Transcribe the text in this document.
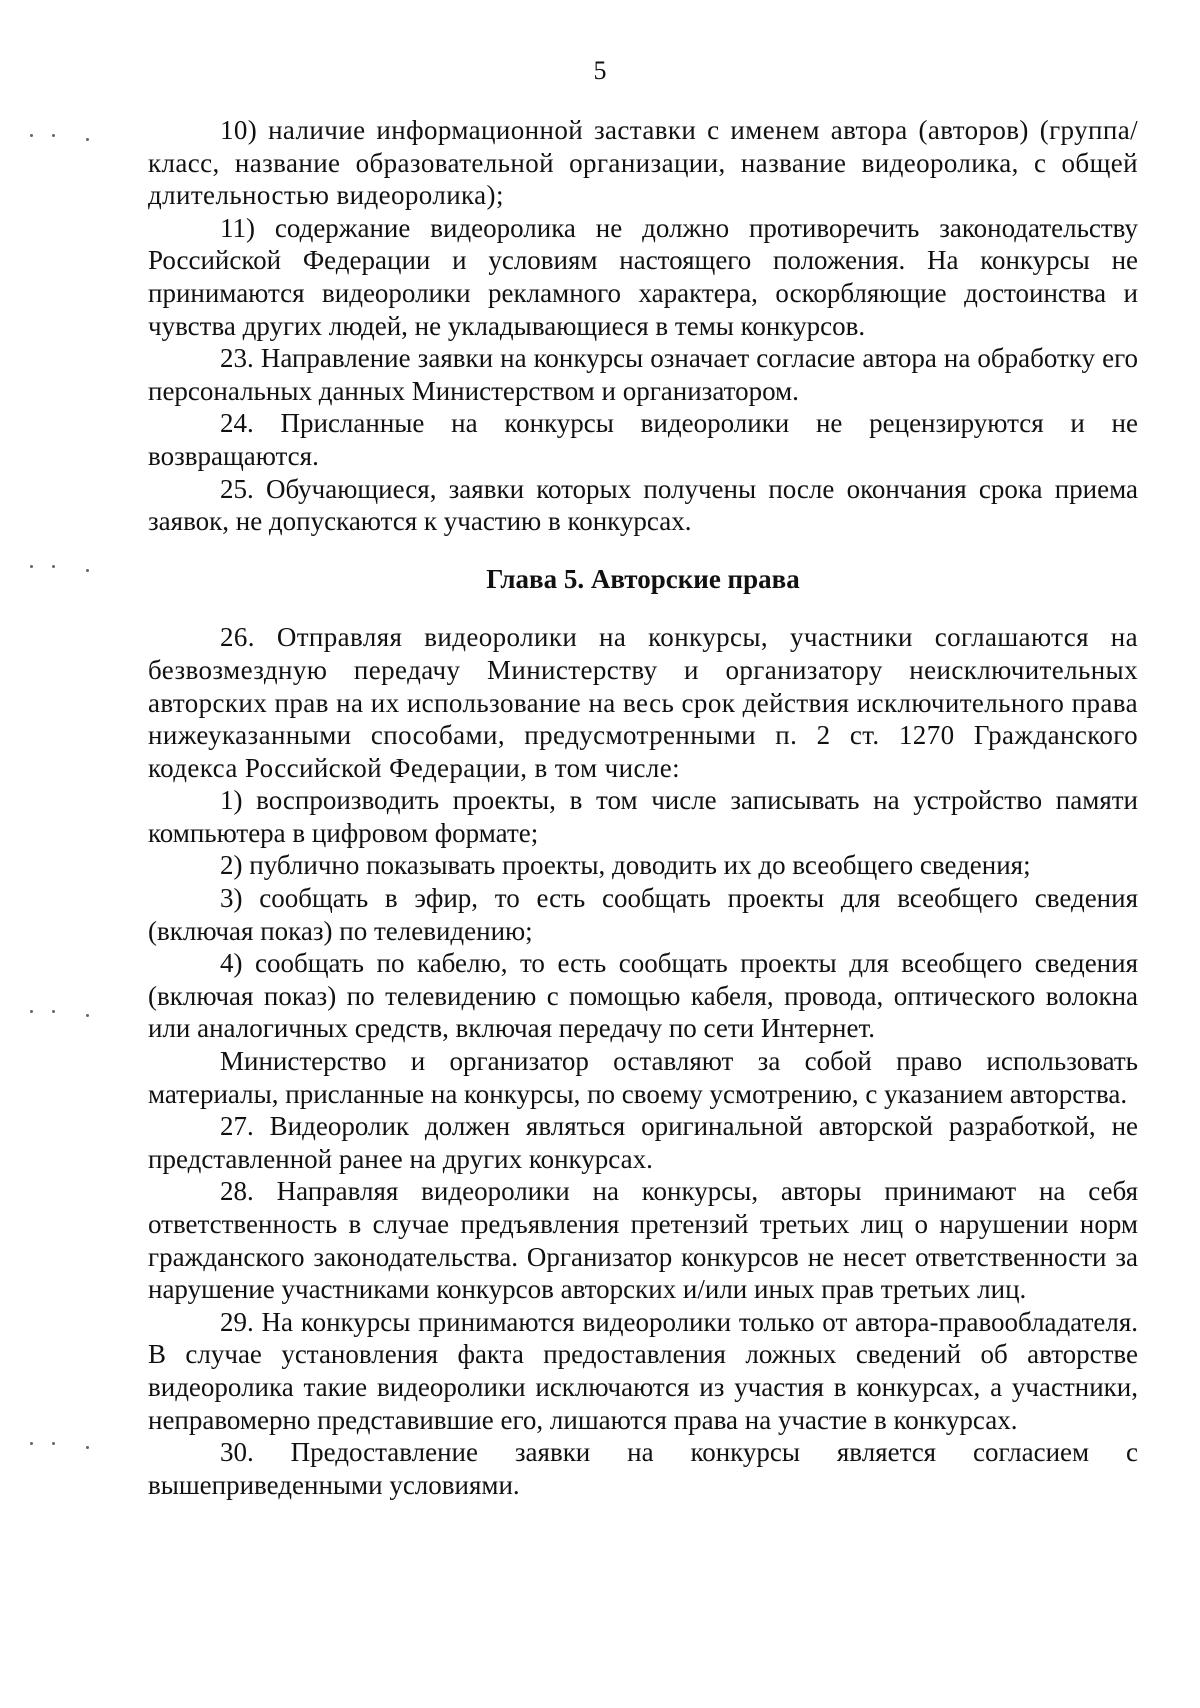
5

10) наличие информационной заставки с именем автора (авторов) (группа/класс, название образовательной организации, название видеоролика, с общей длительностью видеоролика);

11) содержание видеоролика не должно противоречить законодательству Российской Федерации и условиям настоящего положения. На конкурсы не принимаются видеоролики рекламного характера, оскорбляющие достоинства и чувства других людей, не укладывающиеся в темы конкурсов.

23. Направление заявки на конкурсы означает согласие автора на обработку его персональных данных Министерством и организатором.

24. Присланные на конкурсы видеоролики не рецензируются и не возвращаются.

25. Обучающиеся, заявки которых получены после окончания срока приема заявок, не допускаются к участию в конкурсах.

Глава 5. Авторские права

26. Отправляя видеоролики на конкурсы, участники соглашаются на безвозмездную передачу Министерству и организатору неисключительных авторских прав на их использование на весь срок действия исключительного права нижеуказанными способами, предусмотренными п. 2 ст. 1270 Гражданского кодекса Российской Федерации, в том числе:

1) воспроизводить проекты, в том числе записывать на устройство памяти компьютера в цифровом формате;

2) публично показывать проекты, доводить их до всеобщего сведения;

3) сообщать в эфир, то есть сообщать проекты для всеобщего сведения (включая показ) по телевидению;

4) сообщать по кабелю, то есть сообщать проекты для всеобщего сведения (включая показ) по телевидению с помощью кабеля, провода, оптического волокна или аналогичных средств, включая передачу по сети Интернет.

Министерство и организатор оставляют за собой право использовать материалы, присланные на конкурсы, по своему усмотрению, с указанием авторства.

27. Видеоролик должен являться оригинальной авторской разработкой, не представленной ранее на других конкурсах.

28. Направляя видеоролики на конкурсы, авторы принимают на себя ответственность в случае предъявления претензий третьих лиц о нарушении норм гражданского законодательства. Организатор конкурсов не несет ответственности за нарушение участниками конкурсов авторских и/или иных прав третьих лиц.

29. На конкурсы принимаются видеоролики только от автора-правообладателя. В случае установления факта предоставления ложных сведений об авторстве видеоролика такие видеоролики исключаются из участия в конкурсах, а участники, неправомерно представившие его, лишаются права на участие в конкурсах.

30. Предоставление заявки на конкурсы является согласием с вышеприведенными условиями.
